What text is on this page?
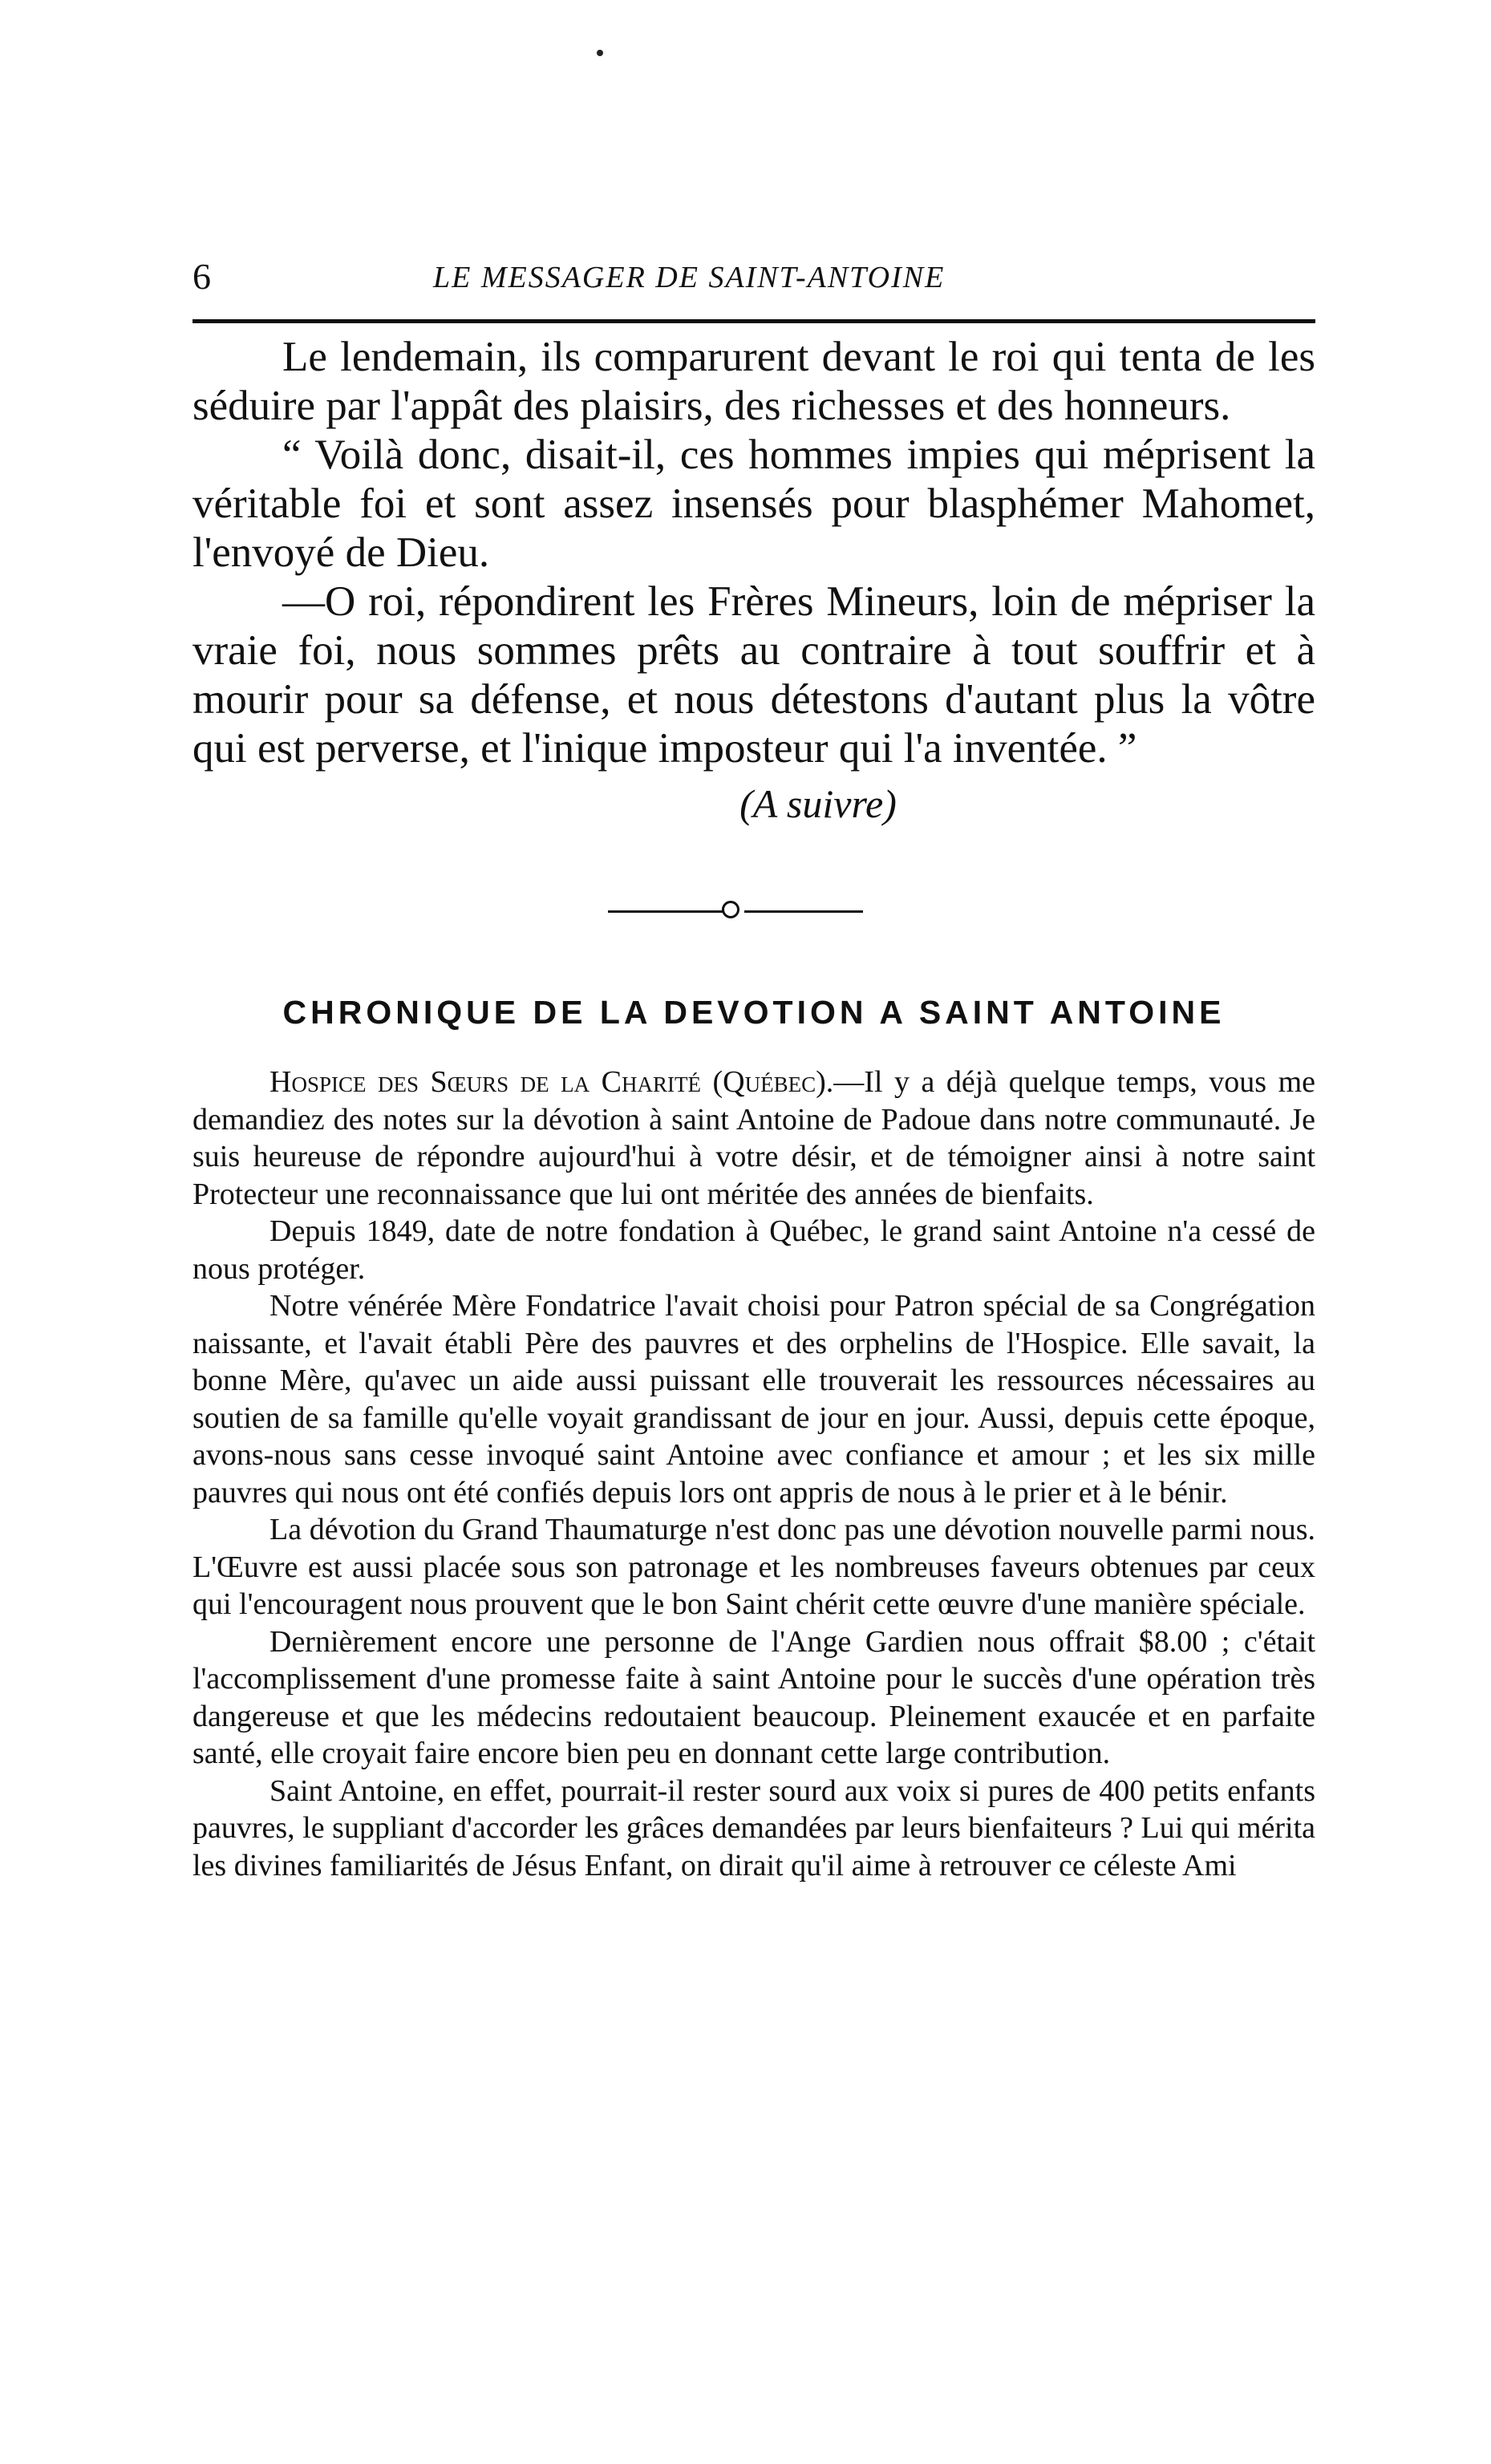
6	LE MESSAGER DE SAINT-ANTOINE

Le lendemain, ils comparurent devant le roi qui tenta de les séduire par l'appât des plaisirs, des richesses et des honneurs.

“ Voilà donc, disait-il, ces hommes impies qui méprisent la véritable foi et sont assez insensés pour blasphémer Mahomet, l'envoyé de Dieu.

—O roi, répondirent les Frères Mineurs, loin de mépriser la vraie foi, nous sommes prêts au contraire à tout souffrir et à mourir pour sa défense, et nous détestons d'autant plus la vôtre qui est perverse, et l'inique imposteur qui l'a inventée. ”

(A suivre)
CHRONIQUE DE LA DEVOTION A SAINT ANTOINE

Hospice des Sœurs de la Charité (Québec).—Il y a déjà quelque temps, vous me demandiez des notes sur la dévotion à saint Antoine de Padoue dans notre communauté. Je suis heureuse de répondre aujourd'hui à votre désir, et de témoigner ainsi à notre saint Protecteur une reconnaissance que lui ont méritée des années de bienfaits.

Depuis 1849, date de notre fondation à Québec, le grand saint Antoine n'a cessé de nous protéger.

Notre vénérée Mère Fondatrice l'avait choisi pour Patron spécial de sa Congrégation naissante, et l'avait établi Père des pauvres et des orphelins de l'Hospice. Elle savait, la bonne Mère, qu'avec un aide aussi puissant elle trouverait les ressources nécessaires au soutien de sa famille qu'elle voyait grandissant de jour en jour. Aussi, depuis cette époque, avons-nous sans cesse invoqué saint Antoine avec confiance et amour ; et les six mille pauvres qui nous ont été confiés depuis lors ont appris de nous à le prier et à le bénir.

La dévotion du Grand Thaumaturge n'est donc pas une dévotion nouvelle parmi nous. L'Œuvre est aussi placée sous son patronage et les nombreuses faveurs obtenues par ceux qui l'encouragent nous prouvent que le bon Saint chérit cette œuvre d'une manière spéciale.

Dernièrement encore une personne de l'Ange Gardien nous offrait $8.00 ; c'était l'accomplissement d'une promesse faite à saint Antoine pour le succès d'une opération très dangereuse et que les médecins redoutaient beaucoup. Pleinement exaucée et en parfaite santé, elle croyait faire encore bien peu en donnant cette large contribution.

Saint Antoine, en effet, pourrait-il rester sourd aux voix si pures de 400 petits enfants pauvres, le suppliant d'accorder les grâces demandées par leurs bienfaiteurs ? Lui qui mérita les divines familiarités de Jésus Enfant, on dirait qu'il aime à retrouver ce céleste Ami
